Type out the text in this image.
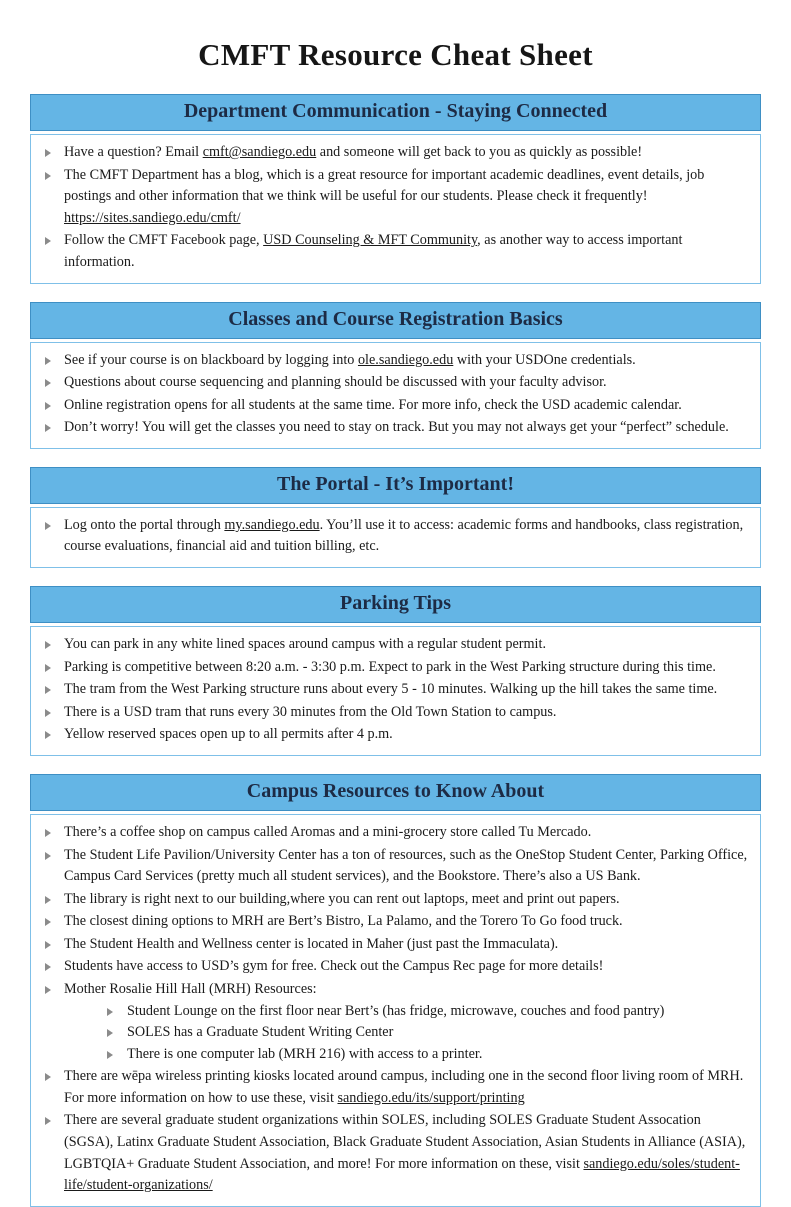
CMFT Resource Cheat Sheet
Department Communication - Staying Connected
Have a question? Email cmft@sandiego.edu and someone will get back to you as quickly as possible!
The CMFT Department has a blog, which is a great resource for important academic deadlines, event details, job postings and other information that we think will be useful for our students. Please check it frequently! https://sites.sandiego.edu/cmft/
Follow the CMFT Facebook page, USD Counseling & MFT Community, as another way to access important information.
Classes and Course Registration Basics
See if your course is on blackboard by logging into ole.sandiego.edu with your USDOne credentials.
Questions about course sequencing and planning should be discussed with your faculty advisor.
Online registration opens for all students at the same time. For more info, check the USD academic calendar.
Don’t worry! You will get the classes you need to stay on track. But you may not always get your “perfect” schedule.
The Portal - It’s Important!
Log onto the portal through my.sandiego.edu. You’ll use it to access: academic forms and handbooks, class registration, course evaluations, financial aid and tuition billing, etc.
Parking Tips
You can park in any white lined spaces around campus with a regular student permit.
Parking is competitive between 8:20 a.m. - 3:30 p.m. Expect to park in the West Parking structure during this time.
The tram from the West Parking structure runs about every 5 - 10 minutes. Walking up the hill takes the same time.
There is a USD tram that runs every 30 minutes from the Old Town Station to campus.
Yellow reserved spaces open up to all permits after 4 p.m.
Campus Resources to Know About
There’s a coffee shop on campus called Aromas and a mini-grocery store called Tu Mercado.
The Student Life Pavilion/University Center has a ton of resources, such as the OneStop Student Center, Parking Office, Campus Card Services (pretty much all student services), and the Bookstore. There’s also a US Bank.
The library is right next to our building,where you can rent out laptops, meet and print out papers.
The closest dining options to MRH are Bert’s Bistro, La Palamo, and the Torero To Go food truck.
The Student Health and Wellness center is located in Maher (just past the Immaculata).
Students have access to USD’s gym for free. Check out the Campus Rec page for more details!
Mother Rosalie Hill Hall (MRH) Resources:
Student Lounge on the first floor near Bert’s (has fridge, microwave, couches and food pantry)
SOLES has a Graduate Student Writing Center
There is one computer lab (MRH 216) with access to a printer.
There are wēpa wireless printing kiosks located around campus, including one in the second floor living room of MRH. For more information on how to use these, visit sandiego.edu/its/support/printing
There are several graduate student organizations within SOLES, including SOLES Graduate Student Assocation (SGSA), Latinx Graduate Student Association, Black Graduate Student Association, Asian Students in Alliance (ASIA), LGBTQIA+ Graduate Student Association, and more! For more information on these, visit sandiego.edu/soles/student-life/student-organizations/
